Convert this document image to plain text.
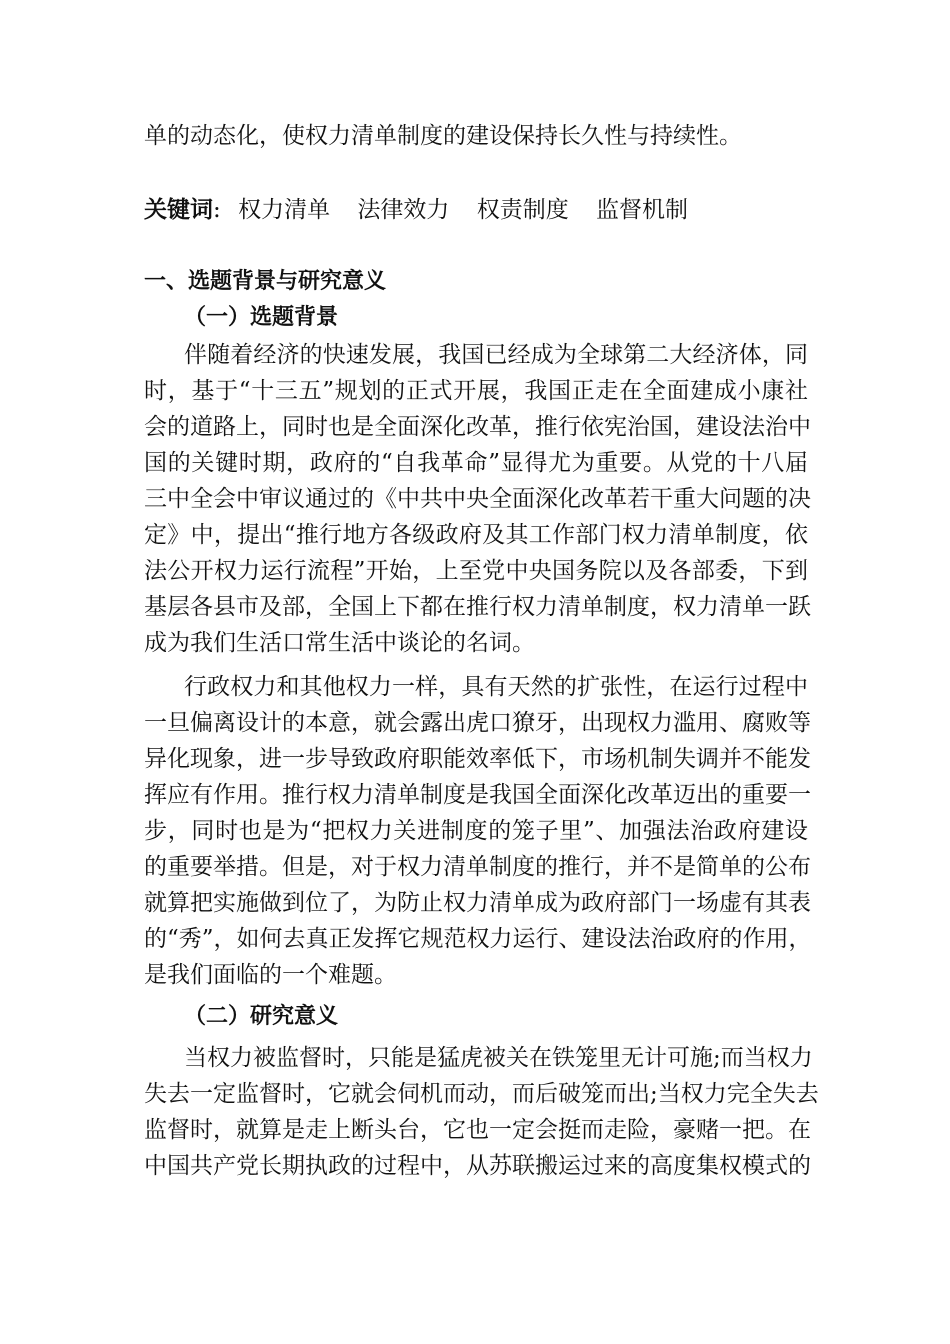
单的动态化，使权力清单制度的建设保持长久性与持续性。
关键词: 权力清单 法律效力 权责制度 监督机制
一、选题背景与研究意义
（一）选题背景
伴随着经济的快速发展，我国已经成为全球第二大经济体，同
时，基于“十三五”规划的正式开展，我国正走在全面建成小康社
会的道路上，同时也是全面深化改革，推行依宪治国，建设法治中
国的关键时期，政府的“自我革命”显得尤为重要。从党的十八届
三中全会中审议通过的《中共中央全面深化改革若干重大问题的决
定》中，提出“推行地方各级政府及其工作部门权力清单制度，依
法公开权力运行流程”开始，上至党中央国务院以及各部委，下到
基层各县市及部，全国上下都在推行权力清单制度，权力清单一跃
成为我们生活口常生活中谈论的名词。
行政权力和其他权力一样，具有天然的扩张性，在运行过程中
一旦偏离设计的本意，就会露出虎口獠牙，出现权力滥用、腐败等
异化现象，进一步导致政府职能效率低下，市场机制失调并不能发
挥应有作用。推行权力清单制度是我国全面深化改革迈出的重要一
步，同时也是为“把权力关进制度的笼子里”、加强法治政府建设
的重要举措。但是，对于权力清单制度的推行，并不是简单的公布
就算把实施做到位了，为防止权力清单成为政府部门一场虚有其表
的“秀”，如何去真正发挥它规范权力运行、建设法治政府的作用，
是我们面临的一个难题。
（二）研究意义
当权力被监督时，只能是猛虎被关在铁笼里无计可施;而当权力
失去一定监督时，它就会伺机而动，而后破笼而出;当权力完全失去
监督时，就算是走上断头台，它也一定会挺而走险，豪赌一把。在
中国共产党长期执政的过程中，从苏联搬运过来的高度集权模式的
